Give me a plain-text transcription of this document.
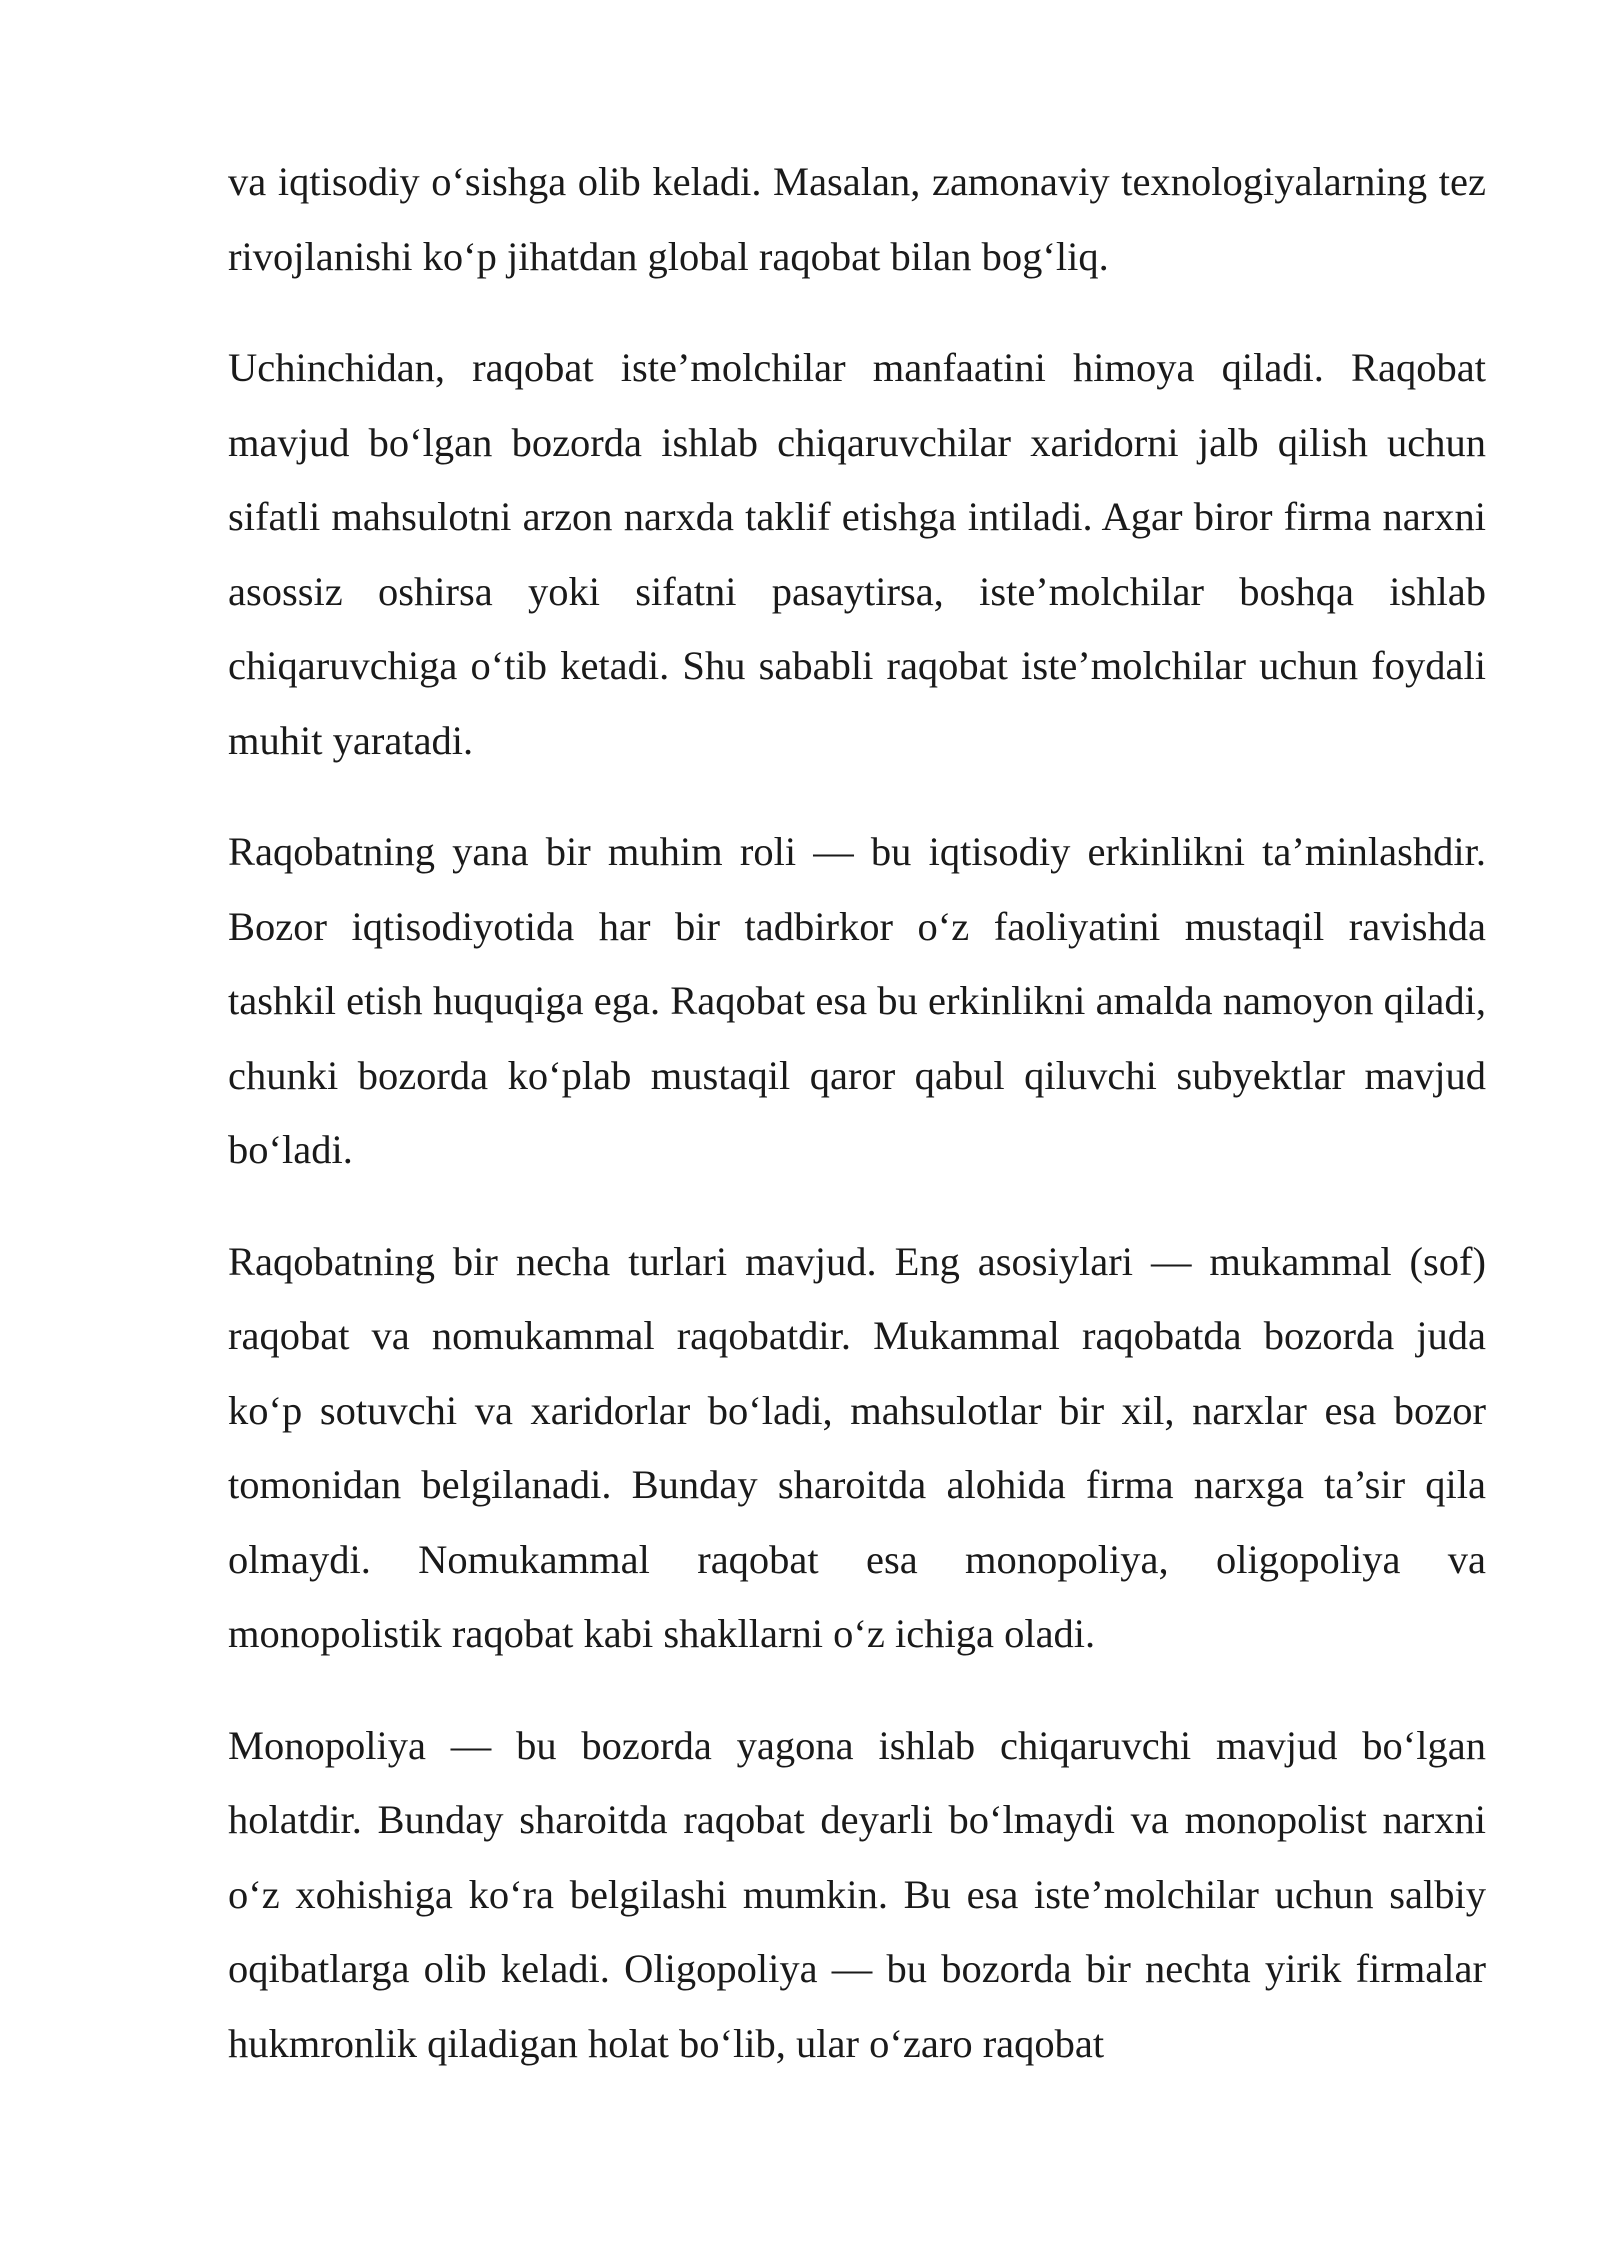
va iqtisodiy o‘sishga olib keladi. Masalan, zamonaviy texnologiyalarning tez rivojlanishi ko‘p jihatdan global raqobat bilan bog‘liq.

Uchinchidan, raqobat iste’molchilar manfaatini himoya qiladi. Raqobat mavjud bo‘lgan bozorda ishlab chiqaruvchilar xaridorni jalb qilish uchun sifatli mahsulotni arzon narxda taklif etishga intiladi. Agar biror firma narxni asossiz oshirsa yoki sifatni pasaytirsa, iste’molchilar boshqa ishlab chiqaruvchiga o‘tib ketadi. Shu sababli raqobat iste’molchilar uchun foydali muhit yaratadi.

Raqobatning yana bir muhim roli — bu iqtisodiy erkinlikni ta’minlashdir. Bozor iqtisodiyotida har bir tadbirkor o‘z faoliyatini mustaqil ravishda tashkil etish huquqiga ega. Raqobat esa bu erkinlikni amalda namoyon qiladi, chunki bozorda ko‘plab mustaqil qaror qabul qiluvchi subyektlar mavjud bo‘ladi.

Raqobatning bir necha turlari mavjud. Eng asosiylari — mukammal (sof) raqobat va nomukammal raqobatdir. Mukammal raqobatda bozorda juda ko‘p sotuvchi va xaridorlar bo‘ladi, mahsulotlar bir xil, narxlar esa bozor tomonidan belgilanadi. Bunday sharoitda alohida firma narxga ta’sir qila olmaydi. Nomukammal raqobat esa monopoliya, oligopoliya va monopolistik raqobat kabi shakllarni o‘z ichiga oladi.

Monopoliya — bu bozorda yagona ishlab chiqaruvchi mavjud bo‘lgan holatdir. Bunday sharoitda raqobat deyarli bo‘lmaydi va monopolist narxni o‘z xohishiga ko‘ra belgilashi mumkin. Bu esa iste’molchilar uchun salbiy oqibatlarga olib keladi. Oligopoliya — bu bozorda bir nechta yirik firmalar hukmronlik qiladigan holat bo‘lib, ular o‘zaro raqobat
